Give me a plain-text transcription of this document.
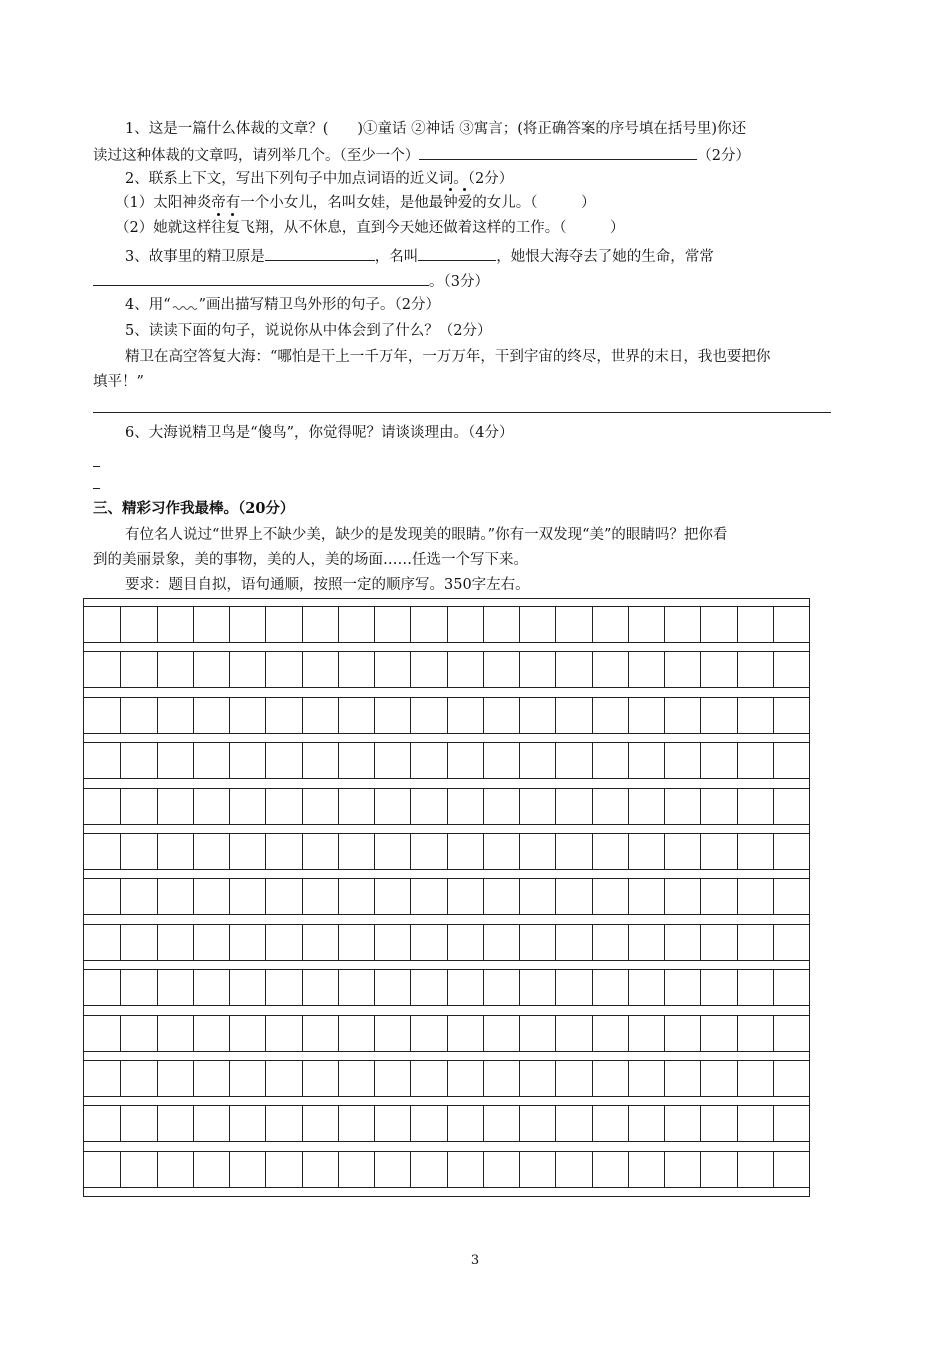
1、这是一篇什么体裁的文章？(　　)①童话 ②神话 ③寓言；(将正确答案的序号填在括号里)你还
读过这种体裁的文章吗，请列举几个。（至少一个）	（2分）
2、联系上下文，写出下列句子中加点词语的近义词。（2分）
（1）太阳神炎帝有一个小女儿，名叫女娃，是他最钟爱的女儿。（　　　）
（2）她就这样往复飞翔，从不休息，直到今天她还做着这样的工作。（　　　）
3、故事里的精卫原是	，名叫	，她恨大海夺去了她的生命，常常
。（3分）
4、用“ ”画出描写精卫鸟外形的句子。（2分）
5、读读下面的句子，说说你从中体会到了什么？（2分）
精卫在高空答复大海：“哪怕是干上一千万年，一万万年，干到宇宙的终尽，世界的末日，我也要把你
填平！”
6、大海说精卫鸟是“傻鸟”，你觉得呢？请谈谈理由。（4分）
三、精彩习作我最棒。（20分）
有位名人说过“世界上不缺少美，缺少的是发现美的眼睛。”你有一双发现“美”的眼睛吗？把你看
到的美丽景象，美的事物，美的人，美的场面……任选一个写下来。
要求：题目自拟，语句通顺，按照一定的顺序写。350字左右。
3
